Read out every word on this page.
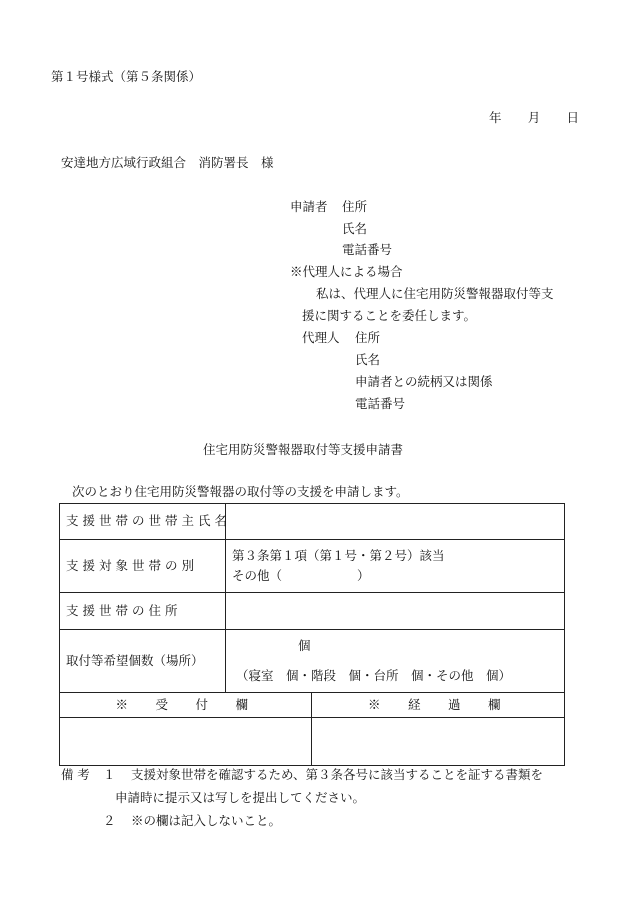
第１号様式（第５条関係）
年　月　日
安達地方広域行政組合　消防署長　様
申請者 住所
氏名
電話番号
※代理人による場合
私は、代理人に住宅用防災警報器取付等支
援に関することを委任します。
代理人 住所
氏名
申請者との続柄又は関係
電話番号
住宅用防災警報器取付等支援申請書
次のとおり住宅用防災警報器の取付等の支援を申請します。
支援世帯の世帯主氏名		
支援対象世帯の別	第３条第１項（第１号・第２号）該当
その他（　　　　　　）	

支援世帯の住所		
取付等希望個数（場所）	個
（寝室　個・階段　個・台所　個・その他　個）	

※　受　付　欄		※　経　過　欄

備考 １ 支援対象世帯を確認するため、第３条各号に該当することを証する書類を
申請時に提示又は写しを提出してください。
２ ※の欄は記入しないこと。
